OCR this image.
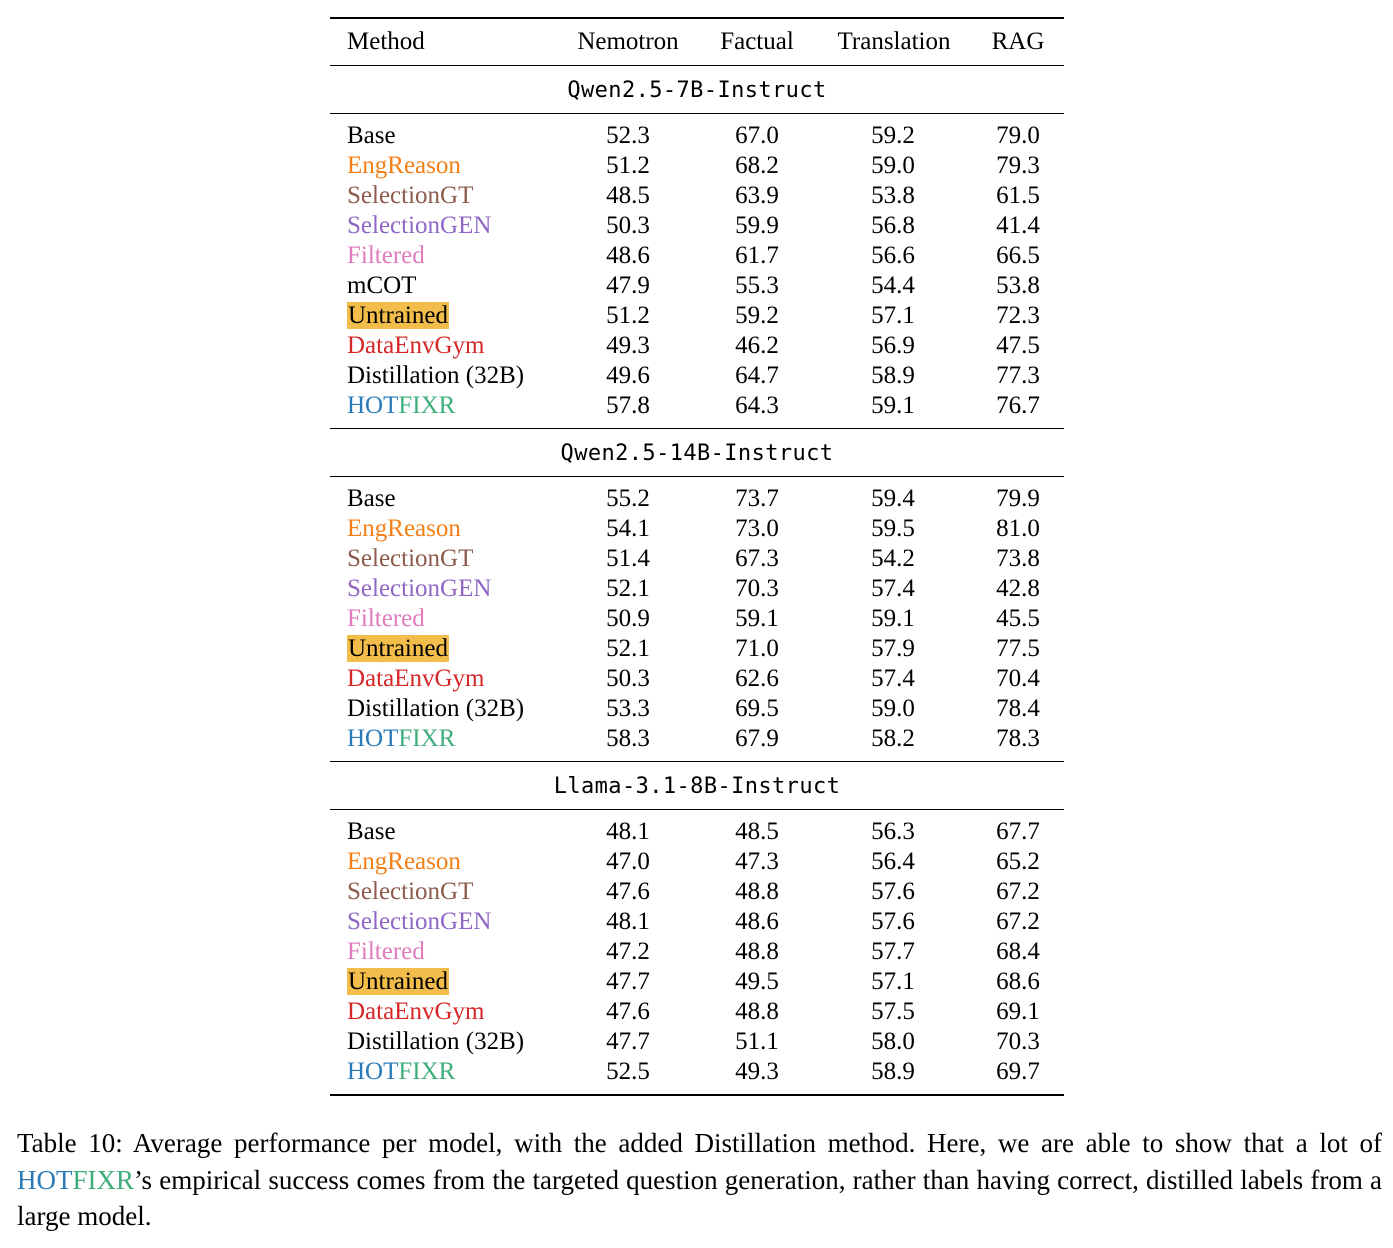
Method	Nemotron	Factual	Translation	RAG
Qwen2.5-7B-Instruct
Base	52.3	67.0	59.2	79.0
EngReason	51.2	68.2	59.0	79.3
SelectionGT	48.5	63.9	53.8	61.5
SelectionGEN	50.3	59.9	56.8	41.4
Filtered	48.6	61.7	56.6	66.5
mCOT	47.9	55.3	54.4	53.8
Untrained	51.2	59.2	57.1	72.3
DataEnvGym	49.3	46.2	56.9	47.5
Distillation (32B)	49.6	64.7	58.9	77.3
HOTFIXR	57.8	64.3	59.1	76.7
Qwen2.5-14B-Instruct
Base	55.2	73.7	59.4	79.9
EngReason	54.1	73.0	59.5	81.0
SelectionGT	51.4	67.3	54.2	73.8
SelectionGEN	52.1	70.3	57.4	42.8
Filtered	50.9	59.1	59.1	45.5
Untrained	52.1	71.0	57.9	77.5
DataEnvGym	50.3	62.6	57.4	70.4
Distillation (32B)	53.3	69.5	59.0	78.4
HOTFIXR	58.3	67.9	58.2	78.3
Llama-3.1-8B-Instruct
Base	48.1	48.5	56.3	67.7
EngReason	47.0	47.3	56.4	65.2
SelectionGT	47.6	48.8	57.6	67.2
SelectionGEN	48.1	48.6	57.6	67.2
Filtered	47.2	48.8	57.7	68.4
Untrained	47.7	49.5	57.1	68.6
DataEnvGym	47.6	48.8	57.5	69.1
Distillation (32B)	47.7	51.1	58.0	70.3
HOTFIXR	52.5	49.3	58.9	69.7
Table 10: Average performance per model, with the added Distillation method. Here, we are able to show that a lot of HOTFIXR’s empirical success comes from the targeted question generation, rather than having correct, distilled labels from a large model.
